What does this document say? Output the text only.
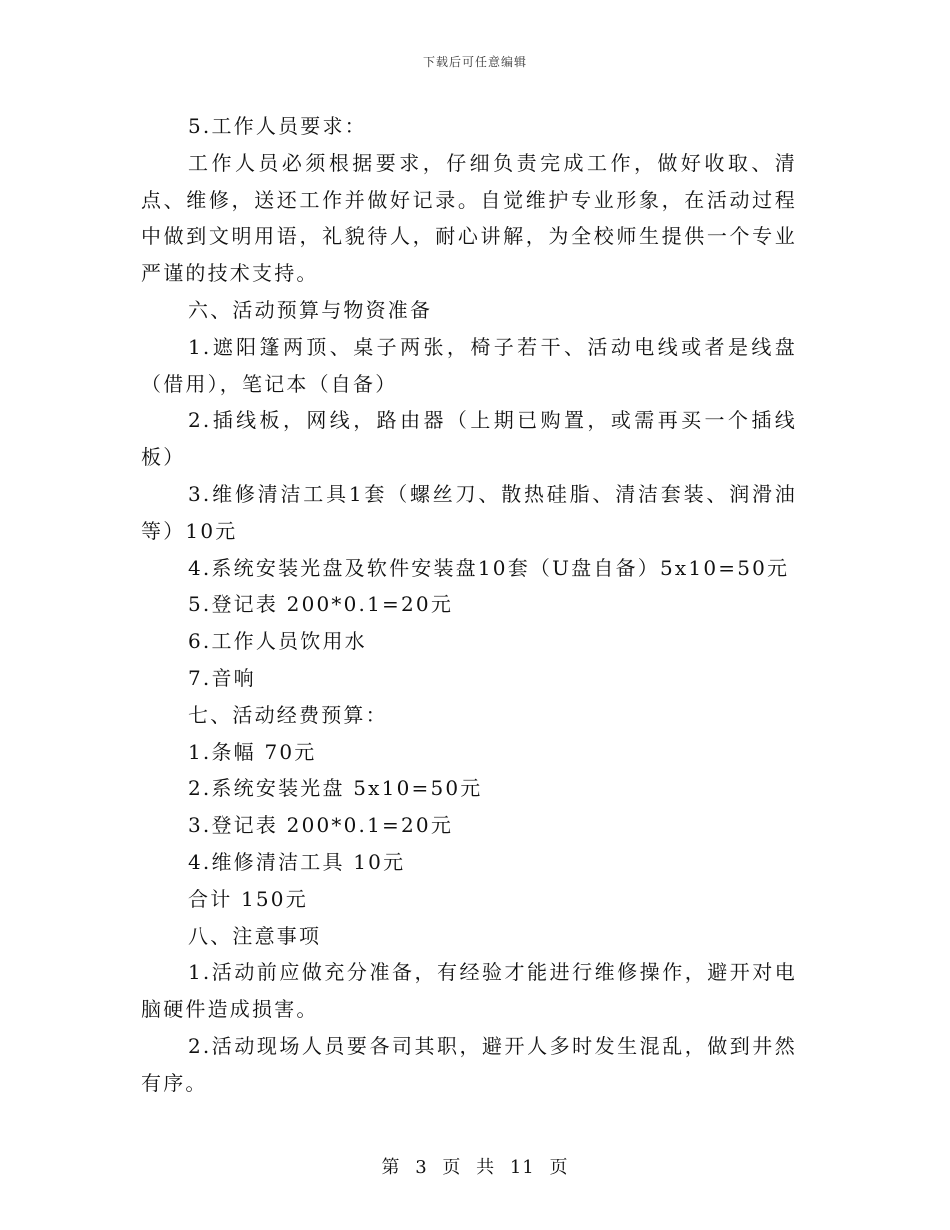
下载后可任意编辑

5.工作人员要求：

工作人员必须根据要求，仔细负责完成工作，做好收取、清点、维修，送还工作并做好记录。自觉维护专业形象，在活动过程中做到文明用语，礼貌待人，耐心讲解，为全校师生提供一个专业严谨的技术支持。

六、活动预算与物资准备

1.遮阳篷两顶、桌子两张，椅子若干、活动电线或者是线盘（借用），笔记本（自备）

2.插线板，网线，路由器（上期已购置，或需再买一个插线板）

3.维修清洁工具1套（螺丝刀、散热硅脂、清洁套装、润滑油等）10元

4.系统安装光盘及软件安装盘10套（U盘自备）5x10=50元

5.登记表 200*0.1=20元

6.工作人员饮用水

7.音响

七、活动经费预算：

1.条幅 70元

2.系统安装光盘 5x10=50元

3.登记表 200*0.1=20元

4.维修清洁工具 10元

合计 150元

八、注意事项

1.活动前应做充分准备，有经验才能进行维修操作，避开对电脑硬件造成损害。

2.活动现场人员要各司其职，避开人多时发生混乱，做到井然有序。

第 3 页 共 11 页
